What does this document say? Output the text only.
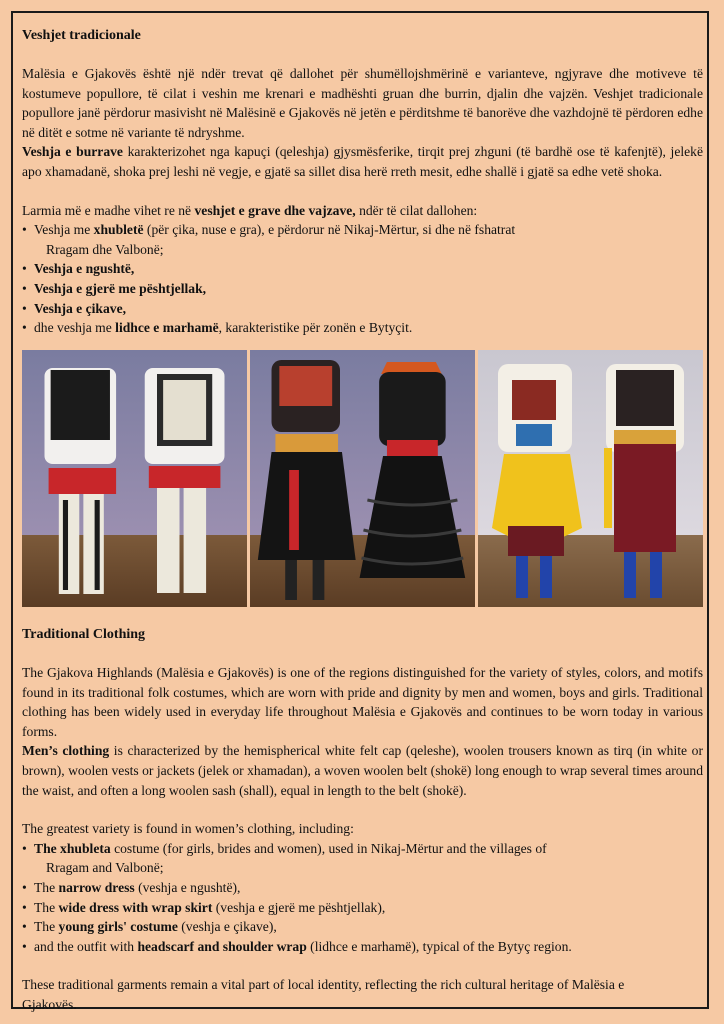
Veshjet tradicionale

Malësia e Gjakovës është një ndër trevat që dallohet për shumëllojshmërinë e varianteve, ngjyrave dhe motiveve të kostumeve popullore, të cilat i veshin me krenari e madhështi gruan dhe burrin, djalin dhe vajzën. Veshjet tradicionale popullore janë përdorur masivisht në Malësinë e Gjakovës në jetën e përditshme të banorëve dhe vazhdojnë të përdoren edhe në ditët e sotme në variante të ndryshme.

Veshja e burrave karakterizohet nga kapuçi (qeleshja) gjysmësferike, tirqit prej zhguni (të bardhë ose të kafenjtë), jelekë apo xhamadanë, shoka prej leshi në vegje, e gjatë sa sillet disa herë rreth mesit, edhe shallë i gjatë sa edhe vetë shoka.

Larmia më e madhe vihet re në veshjet e grave dhe vajzave, ndër të cilat dallohen:

• Veshja me xhubletë (për çika, nuse e gra), e përdorur në Nikaj-Mërtur, si dhe në fshatrat
Rragam dhe Valbonë;
• Veshja e ngushtë,
• Veshja e gjerë me pështjellak,
• Veshja e çikave,
• dhe veshja me lidhce e marhamë, karakteristike për zonën e Bytyçit.
Traditional Clothing

The Gjakova Highlands (Malësia e Gjakovës) is one of the regions distinguished for the variety of styles, colors, and motifs found in its traditional folk costumes, which are worn with pride and dignity by men and women, boys and girls. Traditional clothing has been widely used in everyday life throughout Malësia e Gjakovës and continues to be worn today in various forms.

Men’s clothing is characterized by the hemispherical white felt cap (qeleshe), woolen trousers known as tirq (in white or brown), woolen vests or jackets (jelek or xhamadan), a woven woolen belt (shokë) long enough to wrap several times around the waist, and often a long woolen sash (shall), equal in length to the belt (shokë).

The greatest variety is found in women’s clothing, including:

• The xhubleta costume (for girls, brides and women), used in Nikaj-Mërtur and the villages of
Rragam and Valbonë;
• The narrow dress (veshja e ngushtë),
• The wide dress with wrap skirt (veshja e gjerë me pështjellak),
• The young girls' costume (veshja e çikave),
• and the outfit with headscarf and shoulder wrap (lidhce e marhamë), typical of the Bytyç region.

These traditional garments remain a vital part of local identity, reflecting the rich cultural heritage of Malësia e Gjakovës.
